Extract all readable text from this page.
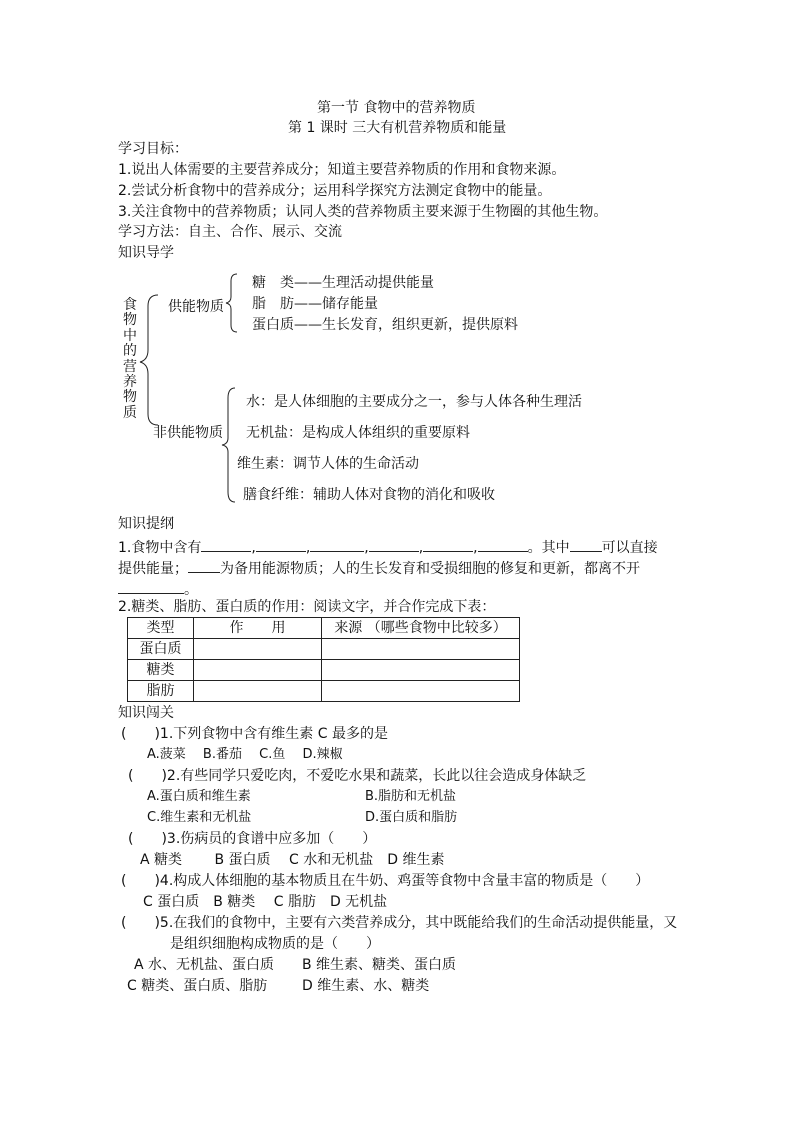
第一节 食物中的营养物质
第 1 课时 三大有机营养物质和能量
学习目标：
1.说出人体需要的主要营养成分；知道主要营养物质的作用和食物来源。
2.尝试分析食物中的营养成分；运用科学探究方法测定食物中的能量。
3.关注食物中的营养物质；认同人类的营养物质主要来源于生物圈的其他生物。
学习方法：自主、合作、展示、交流
知识导学
食物中的营养物质
供能物质
糖　类——生理活动提供能量
脂　肪——储存能量
蛋白质——生长发育，组织更新，提供原料
非供能物质
水：是人体细胞的主要成分之一，参与人体各种生理活
无机盐：是构成人体组织的重要原料
维生素：调节人体的生命活动
膳食纤维：辅助人体对食物的消化和吸收
知识提纲
1.食物中含有	,	,	,	,	,	。其中 可以直接
提供能量； 为备用能源物质；人的生长发育和受损细胞的修复和更新，都离不开
。
2.糖类、脂肪、蛋白质的作用：阅读文字，并合作完成下表：
类型	作　　用	来源 （哪些食物中比较多）
蛋白质		
糖类		
脂肪		
知识闯关
(　　)1.下列食物中含有维生素 C 最多的是
A.菠菜　 B.番茄　 C.鱼　 D.辣椒
(　　)2.有些同学只爱吃肉，不爱吃水果和蔬菜，长此以往会造成身体缺乏
A.蛋白质和维生素	B.脂肪和无机盐
C.维生素和无机盐	D.蛋白质和脂肪
(　　)3.伤病员的食谱中应多加（　　）
A 糖类　　 B 蛋白质　 C 水和无机盐　D 维生素
(　　)4.构成人体细胞的基本物质且在牛奶、鸡蛋等食物中含量丰富的物质是（　　）
C 蛋白质　B 糖类　 C 脂肪　D 无机盐
(　　)5.在我们的食物中，主要有六类营养成分，其中既能给我们的生命活动提供能量，又
是组织细胞构成物质的是（　　）
A 水、无机盐、蛋白质 B 维生素、糖类、蛋白质
C 糖类、蛋白质、脂肪 D 维生素、水、糖类
